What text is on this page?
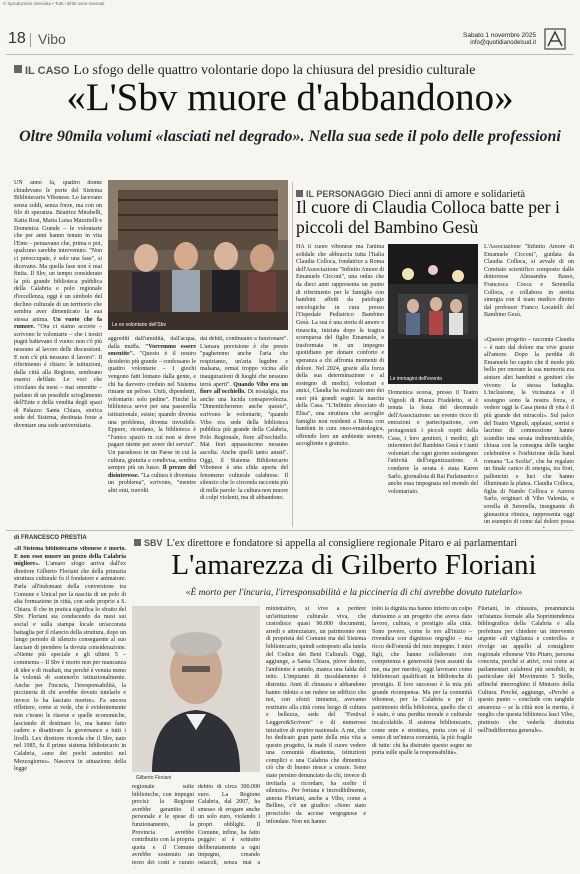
© riproduzione riservata • Tutti i diritti sono riservati
18 Vibo	Sabato 1 novembre 2025
info@quotidianodelsud.it
IL CASO Lo sfogo delle quattro volontarie dopo la chiusura del presidio culturale
«L'Sbv muore d'abbandono»
Oltre 90mila volumi «lasciati nel degrado». Nella sua sede il polo delle professioni
UN anno fa, quattro donne chiudevano le porte del Sistema Bibliotecario Vibonese. Lo facevano senza soldi, senza forze, ma con un filo di speranza. Beatrice Mirabelli, Katia Rosi, Maria Luisa Mazzitelli e Domenica Grande – le volontarie che per anni hanno tenuto in vita l'Ente – pensavano che, prima o poi, qualcuno sarebbe intervenuto. "Non ci preoccupate, è solo una fase", si dicevano. Ma quella fase non è mai finita. Il Sbv, un tempo considerato la più grande biblioteca pubblica della Calabria e polo regionale d'eccellenza, oggi è un simbolo del declino culturale di un territorio che sembra aver dimenticato la sua stessa anima. Un vuoto che fa rumore. "Ora ci siamo accorte – scrivono le volontarie – che i nostri pugni battevano il vuoto: non c'è più nessuno al lavoro delle discussioni. E non c'è più nessuno il lavoro". Il riferimento è chiaro: le istituzioni, dalla città alla Regione, sembrano essersi defilate. Le voci che circolano da mesi – mai smentite – parlano di un possibile scioglimento dell'Ente e della vendita degli spazi di Palazzo Santa Chiara, storica sede del Sistema, destinata forse a diventare una sede universitaria.
Le ex volontarie dell'Sbv
aggrediti dall'umidità, dall'acqua, dalla muffa. "Vorremmo essere smentite". "Questo è il nostro desiderio più grande – confessano le quattro volontarie – I giochi vengono fatti lontano dalla gente, e chi ha davvero creduto nel Sistema rimane un peloso. Uniti, dipendenti, volontarie: solo pedine". Finché la biblioteca serve per una passerella istituzionale, esiste; quando diventa una problema, diventa invisibile. Eppure, ricordano, la biblioteca è "l'unico spazio in cui non si deve pagare niente per avere dei servizi". Un paradosso in un Paese in cui la cultura, gratuita e condivisa, sembra sempre più un lusso. Il prezzo del disinteresse. "La cultura è diventata un problema", scrivono, "mentre altri enti, travolti
dai debiti, continuano a funzionare". L'amara previsione è che presto "pagheremo anche l'aria che respiriamo, un'aria lugubre e malsana, ormai troppo vicina alle inaugurazioni di luoghi che nessuno terrà aperti". Quando Vibo era un fiore all'occhiello. Di nostalgia, ma anche una lucida consapevolezza. "Dimenticheremo anche questo", scrivono le volontarie, "quando Vibo era sede della biblioteca pubblica più grande della Calabria, Polo Regionale, fiore all'occhiello. Mai fiori appassiscono nessuno ascolta. Anche quelli tanto amati". Oggi, il Sistema Bibliotecario Vibonese è una sfida aperta del fenomeno culturale calabrese. Il silenzio che lo circonda racconta più di mille parole: la cultura non muore di colpi violenti, ma di abbandono.
IL PERSONAGGIO Dieci anni di amore e solidarietà
Il cuore di Claudia Colloca batte per i piccoli del Bambino Gesù
HA il cuore vibonese ma l'anima solidale che abbraccia tutta l'Italia Claudia Colloca, fondatrice a Roma dell'Associazione "Infinito Amore di Emanuele Cicconi", una onlus che da dieci anni rappresenta un punto di riferimento per le famiglie con bambini affetti da patologie oncologiche in cura presso l'Ospedale Pediatrico Bambino Gesù. La sua è una storia di amore e rinascita, iniziata dopo la tragica scomparsa del figlio Emanuele, e trasformata in un impegno quotidiano per donare conforto e speranza a chi affronta momenti di dolore. Nel 2024, grazie alla forza della sua determinazione e al sostegno di medici, volontari e amici, Claudia ha realizzato uno dei suoi più grandi sogni: la nascita della Casa. "L'Infinito sbocciato di Elisa", una struttura che accoglie famiglie non residenti a Roma con bambini in cura onco-ematologica, offrendo loro un ambiente sereno, accogliente e gratuito.
Le immagini dell'evento
Domenica scorsa, presso il Teatro Vignoli di Piazza Fradeletto, si è tenuta la festa del decennale dell'Associazione: un evento ricco di emozioni e partecipazione, con protagonisti i piccoli ospiti della Casa, i loro genitori, i medici, gli infermieri del Bambino Gesù e i tanti volontari che ogni giorno sostengono l'attività dell'organizzazione. A condurre la serata è stata Karen Sarlo, giornalista di Rai Parlamento e anche essa impegnata nel mondo del volontariato.
L'Associazione "Infinito Amore di Emanuele Cicconi", guidata da Claudia Colloca, si avvale di un Comitato scientifico composto dalle dottoresse Alessandra Basso, Francesca Cocca e Serenella Colloca, e collabora in stretta sinergia con il team medico diretto dal professor Franco Locatelli del Bambino Gesù.
«Questo progetto – racconta Claudia – è nato dal dolore ma vive grazie all'amore. Dopo la perdita di Emanuele ho capito che il modo più bello per onorare la sua memoria era aiutare altri bambini e genitori che vivono la stessa battaglia. L'inclusione, la vicinanza e il sostegno sono la nostra forza, e vedere oggi la Casa piena di vita è il più grande dei miracoli». Sul palco del Teatro Vignoli, applausi, sorrisi e lacrime di commozione hanno scandito una serata indimenticabile, chiusa con la consegna delle targhe celebrative e l'esibizione della band romana "La Scelta", che ha regalato un finale carico di energia, tra fiori, palloncini e luci che hanno illuminato la platea. Claudia Colloca, figlia di Nando Colloca e Aurora Sarlo, originari di Vibo Valentia, e sorella di Serenella, insegnante di ginnastica ritmica, rappresenta oggi un esempio di come dal dolore possa
di FRANCESCO PRESTIA	SBV L'ex direttore e fondatore si appella al consigliere regionale Pitaro e ai parlamentari
L'amarezza di Gilberto Floriani
«È morto per l'incuria, l'irresponsabilità e la piccineria di chi avrebbe dovuto tutelarlo»
«Il Sistema bibliotecario vibonese è morto. E non esso muore un pezzo della Calabria migliore». L'amaro sfogo arriva dall'ex direttore Gilberto Floriani che della primaria struttura culturale fu il fondatore e animatore. Parla all'indomani della conversione tra Comune e Unical per la nascita di un polo di alta formazione in città, con sede proprio a S. Chiara. Il che in pratica significa lo sfratto del Sbv. Floriani sta conducendo da mesi sui social e sulla stampa locale un'accorata battaglia per il rilancio della struttura, dopo un lungo periodo di silenzio conseguente al suo lasciare di prendere la dovuta considerazione. «Niente più speciale e gli ultimi 5 – commenta – Il Sbv è morto non per mancanza di idee e di risultati, ma perché è venuta meno la volontà di sostenerlo istituzionalmente. Anche per l'incuria, l'irresponsabilità, la piccineria di chi avrebbe dovuto tutelarlo e invece lo ha lasciato morire». Fa ancora riflettere, come si vede, che è evidentemente non c'erano le risorse e quelle economiche, lasciando di destinare lo, ma hanno fatto cadere e disattivare la governance a tutti i livelli. Lex direttore ricorda che il Sbv, nato nel 1985, fu il primo sistema bibliotecario in Calabria, «uno dei pochi autentici nel Mezzogiorno». Nasceva in attuazione della legge
Gilberto Floriani
regionale sulle biblioteche, con impegni precisi: la Regione avrebbe garantito il personale e le spese di funzionamento, la Provincia avrebbe contribuito con la propria quota e il Comune avrebbe sostenuto un terzo dei costi e curato
debito di circa 300.000 euro. La Regione Calabria, dal 2007, ha smesso di erogare anche un solo euro, violando i propri obblighi. Il Comune, infine, ha fatto peggio: si è sottratto deliberatamente a ogni impegno, creando ostacoli, senza mai a
ministrativo, si vive a perdere un'istituzione culturale viva, che custodisce quasi 90.000 documenti, arredi e attrezzature, un patrimonio non di proprietà del Comune ma del Sistema bibliotecario, quindi sottoposto alla tutela del Codice dei Beni Culturali. Oggi, aggiunge, a Santa Chiara, piove dentro, l'ambiente è umido, manca una falda del tetto. L'impianto di riscaldamento è distrutto. Anni di chiusura e abbandono hanno ridotto a un rudere un edificio che noi, con sforzi immensi, avevamo restituito alla città come luogo di cultura e bellezza, sede del "Festival Leggere&Scrivere" e di numerose iniziative di respiro nazionale. A me, che ho dedicato gran parte della mia vita a questo progetto, fa male il cuore vedere una comunità disattenta, istituzioni complici e una Calabria che dimentica ciò che di buono riesce a creare. Sono stato persino denunciato da chi, invece di invitarla a ricordare, ha scelto il silenzio». Per fortuna e incredibilmente, annota Floriani, anche a Vibo, come a Bellino, c'è un giudice: «Sono stato prosciolto da accuse vergognose e infondate. Non mi hanno
tolto la dignità ma hanno inferto un colpo durissimo a un progetto che aveva dato lavoro, cultura, e prestigio alla città. Sono povero, come lo ero all'inizio – rivendica con dignitoso orgoglio – ma ricco dell'onestà del mio impegno. I miei figli, che hanno collaborato con competenza e generosità (non assunti da me, ma per merito), oggi lavorano come bibliotecari qualificati in biblioteche di prestigio. Il loro successo è la mia più grande ricompensa. Ma per la comunità vibonese, per la Calabria e per il patrimonio della biblioteca, quello che ci è stato, è una perdita morale e culturale incalcolabile. Il sistema bibliotecario, come ente e struttura, porta con sé il senso di un'intera comunità, la più fragile di tutte: chi ha distrutto questo sogno ne porta sulle spalle la responsabilità».
Floriani, in chiusura, preannuncia un'istanza formale alla Soprintendenza bibliografica della Calabria e alla prefettura per chiedere un intervento urgente «di vigilanza e controllo» e rivolge un appello al consigliere regionale vibonese Vito Pitaro, persona concreta, perché si attivi, così come ai parlamentari calabresi più sensibili, in particolare del Movimento 5 Stelle, affinché interroghino il Ministro della Cultura. Perché, aggiunge, «Perché a questo punto – conclude con tanghile amarezza – se la città non la merita, è meglio che questa biblioteca lasci Vibo, piuttosto che vederla distrutta nell'indifferenza generale».
